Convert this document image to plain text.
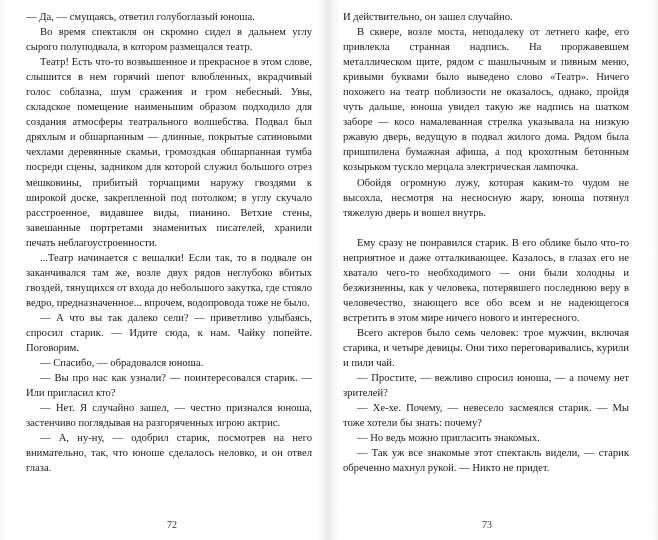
— Да, — смущаясь, ответил голубоглазый юноша.

Во время спектакля он скромно сидел в дальнем углу сырого полуподвала, в котором размещался театр.

Театр! Есть что-то возвышенное и прекрасное в этом слове, слышится в нем горячий шепот влюбленных, вкрадчивый голос соблазна, шум сражения и гром небесный. Увы, складское помещение наименьшим образом подходило для создания атмосферы театрального волшебства. Подвал был дряхлым и обшарпанным — длинные, покрытые сатиновыми чехлами деревянные скамьи, громоздкая обшарпанная тумба посреди сцены, задником для которой служил большого отрез мешковины, прибитый торчащими наружу гвоздями к широкой доске, закрепленной под потолком; в углу скучало расстроенное, видавшее виды, пианино. Ветхие стены, завешанные портретами знаменитых писателей, хранили печать неблагоустроенности.

...Театр начинается с вешалки! Если так, то в подвале он заканчивался там же, возле двух рядов неглубоко вбитых гвоздей, тянущихся от входа до небольшого закутка, где стояло ведро, предназначенное... впрочем, водопровода тоже не было.

— А что вы так далеко сели? — приветливо улыбаясь, спросил старик. — Идите сюда, к нам. Чайку попейте. Поговорим.

— Спасибо, — обрадовался юноша.

— Вы про нас как узнали? — поинтересовался старик. — Или пригласил кто?

— Нет. Я случайно зашел, — честно признался юноша, застенчиво поглядывая на разгоряченных игрою актрис.

— А, ну-ну, — одобрил старик, посмотрев на него внимательно, так, что юноше сделалось неловко, и он отвел глаза.

72

И действительно, он зашел случайно.

В сквере, возле моста, неподалеку от летнего кафе, его привлекла странная надпись. На проржавевшем металлическом щите, рядом с шашлычным и пивным меню, кривыми буквами было выведено слово «Театр». Ничего похожего на театр поблизости не оказалось, однако, пройдя чуть дальше, юноша увидел такую же надпись на шатком заборе — косо намалеванная стрелка указывала на низкую ржавую дверь, ведущую в подвал жилого дома. Рядом была пришпилена бумажная афиша, а под крохотным бетонным козырьком тускло мерцала электрическая лампочка.

Обойдя огромную лужу, которая каким-то чудом не высохла, несмотря на несносную жару, юноша потянул тяжелую дверь и вошел внутрь.

Ему сразу не понравился старик. В его облике было что-то неприятное и даже отталкивающее. Казалось, в глазах его не хватало чего-то необходимого — они были холодны и безжизненны, как у человека, потерявшего последнюю веру в человечество, знающего все обо всем и не надеющегося встретить в этом мире ничего нового и интересного.

Всего актеров было семь человек: трое мужчин, включая старика, и четыре девицы. Они тихо переговаривались, курили и пили чай.

— Простите, — вежливо спросил юноша, — а почему нет зрителей?

— Хе-хе. Почему, — невесело засмеялся старик. — Мы тоже хотели бы знать: почему?

— Но ведь можно пригласить знакомых.

— Так уж все знакомые этот спектакль видели, — старик обреченно махнул рукой. — Никто не придет.

73
